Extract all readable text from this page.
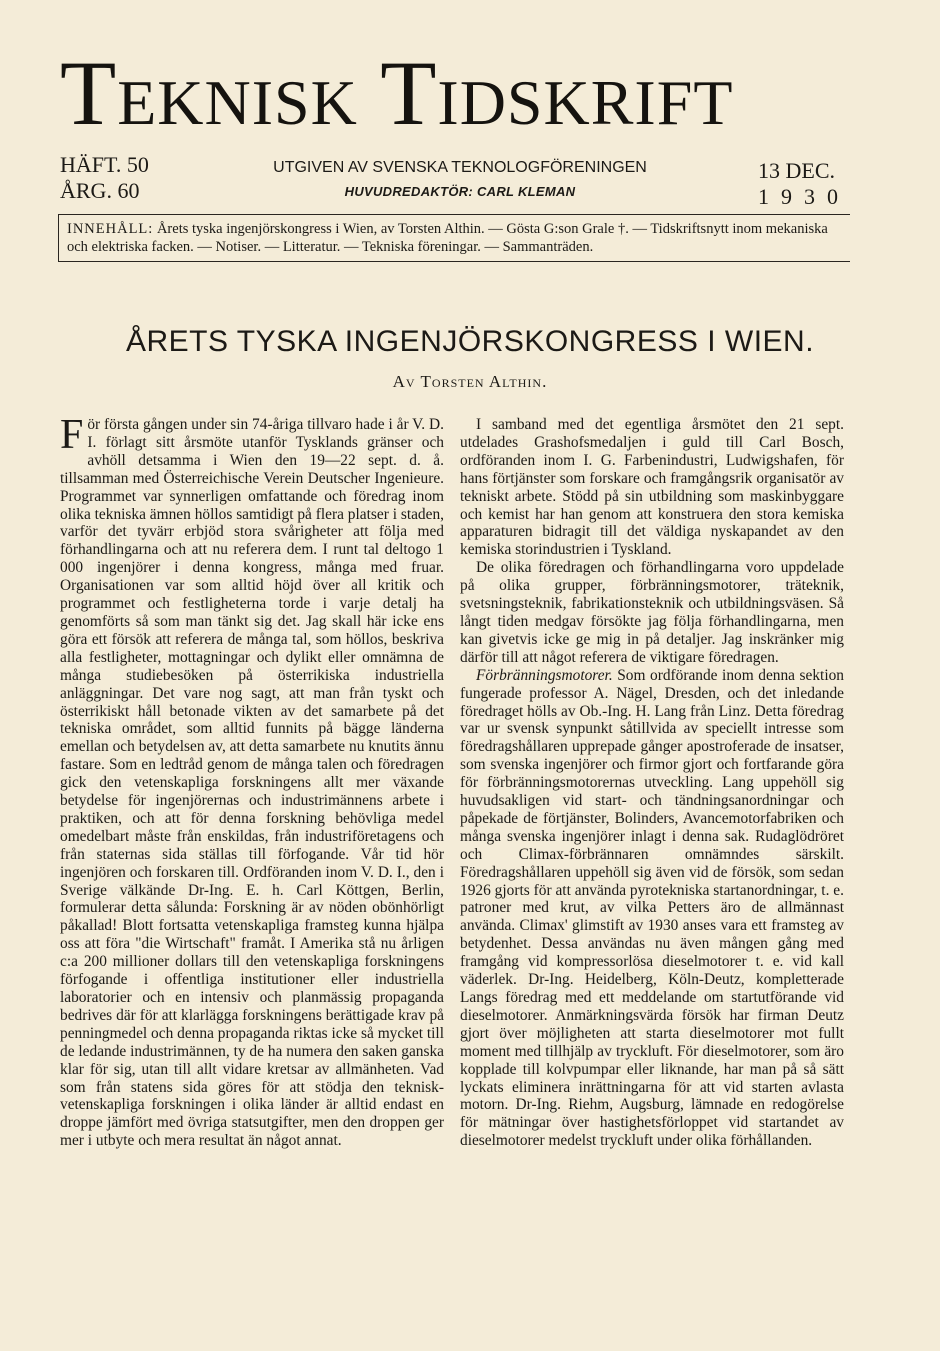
Teknisk Tidskrift
HÄFT. 50
ÅRG. 60
UTGIVEN AV SVENSKA TEKNOLOGFÖRENINGEN
HUVUDREDAKTÖR: CARL KLEMAN
13 DEC.
1930
INNEHÅLL: Årets tyska ingenjörskongress i Wien, av Torsten Althin. — Gösta G:son Grale †. — Tidskriftsnytt inom mekaniska och elektriska facken. — Notiser. — Litteratur. — Tekniska föreningar. — Sammanträden.
ÅRETS TYSKA INGENJÖRSKONGRESS I WIEN.
Av Torsten Althin.

För första gången under sin 74-åriga tillvaro hade i år V. D. I. förlagt sitt årsmöte utanför Tysklands gränser och avhöll detsamma i Wien den 19—22 sept. d. å. tillsamman med Österreichische Verein Deutscher Ingenieure. Programmet var synnerligen omfattande och föredrag inom olika tekniska ämnen höllos samtidigt på flera platser i staden, varför det tyvärr erbjöd stora svårigheter att följa med förhandlingarna och att nu referera dem. I runt tal deltogo 1 000 ingenjörer i denna kongress, många med fruar. Organisationen var som alltid höjd över all kritik och programmet och festligheterna torde i varje detalj ha genomförts så som man tänkt sig det. Jag skall här icke ens göra ett försök att referera de många tal, som höllos, beskriva alla festligheter, mottagningar och dylikt eller omnämna de många studiebesöken på österrikiska industriella anläggningar. Det vare nog sagt, att man från tyskt och österrikiskt håll betonade vikten av det samarbete på det tekniska området, som alltid funnits på bägge länderna emellan och betydelsen av, att detta samarbete nu knutits ännu fastare. Som en ledtråd genom de många talen och föredragen gick den vetenskapliga forskningens allt mer växande betydelse för ingenjörernas och industrimännens arbete i praktiken, och att för denna forskning behövliga medel omedelbart måste från enskildas, från industriföretagens och från staternas sida ställas till förfogande. Vår tid hör ingenjören och forskaren till. Ordföranden inom V. D. I., den i Sverige välkände Dr-Ing. E. h. Carl Köttgen, Berlin, formulerar detta sålunda: Forskning är av nöden obönhörligt påkallad! Blott fortsatta vetenskapliga framsteg kunna hjälpa oss att föra "die Wirtschaft" framåt. I Amerika stå nu årligen c:a 200 millioner dollars till den vetenskapliga forskningens förfogande i offentliga institutioner eller industriella laboratorier och en intensiv och planmässig propaganda bedrives där för att klarlägga forskningens berättigade krav på penningmedel och denna propaganda riktas icke så mycket till de ledande industrimännen, ty de ha numera den saken ganska klar för sig, utan till allt vidare kretsar av allmänheten. Vad som från statens sida göres för att stödja den teknisk-vetenskapliga forskningen i olika länder är alltid endast en droppe jämfört med övriga statsutgifter, men den droppen ger mer i utbyte och mera resultat än något annat.

I samband med det egentliga årsmötet den 21 sept. utdelades Grashofsmedaljen i guld till Carl Bosch, ordföranden inom I. G. Farbenindustri, Ludwigshafen, för hans förtjänster som forskare och framgångsrik organisatör av tekniskt arbete. Stödd på sin utbildning som maskinbyggare och kemist har han genom att konstruera den stora kemiska apparaturen bidragit till det väldiga nyskapandet av den kemiska storindustrien i Tyskland.

De olika föredragen och förhandlingarna voro uppdelade på olika grupper, förbränningsmotorer, träteknik, svetsningsteknik, fabrikationsteknik och utbildningsväsen. Så långt tiden medgav försökte jag följa förhandlingarna, men kan givetvis icke ge mig in på detaljer. Jag inskränker mig därför till att något referera de viktigare föredragen.

Förbränningsmotorer. Som ordförande inom denna sektion fungerade professor A. Nägel, Dresden, och det inledande föredraget hölls av Ob.-Ing. H. Lang från Linz. Detta föredrag var ur svensk synpunkt såtillvida av speciellt intresse som föredragshållaren upprepade gånger apostroferade de insatser, som svenska ingenjörer och firmor gjort och fortfarande göra för förbränningsmotorernas utveckling. Lang uppehöll sig huvudsakligen vid start- och tändningsanordningar och påpekade de förtjänster, Bolinders, Avancemotorfabriken och många svenska ingenjörer inlagt i denna sak. Rudaglödröret och Climax-förbrännaren omnämndes särskilt. Föredragshållaren uppehöll sig även vid de försök, som sedan 1926 gjorts för att använda pyrotekniska startanordningar, t. e. patroner med krut, av vilka Petters äro de allmännast använda. Climax' glimstift av 1930 anses vara ett framsteg av betydenhet. Dessa användas nu även mången gång med framgång vid kompressorlösa dieselmotorer t. e. vid kall väderlek. Dr-Ing. Heidelberg, Köln-Deutz, kompletterade Langs föredrag med ett meddelande om startutförande vid dieselmotorer. Anmärkningsvärda försök har firman Deutz gjort över möjligheten att starta dieselmotorer mot fullt moment med tillhjälp av tryckluft. För dieselmotorer, som äro kopplade till kolvpumpar eller liknande, har man på så sätt lyckats eliminera inrättningarna för att vid starten avlasta motorn. Dr-Ing. Riehm, Augsburg, lämnade en redogörelse för mätningar över hastighetsförloppet vid startandet av dieselmotorer medelst tryckluft under olika förhållanden.
